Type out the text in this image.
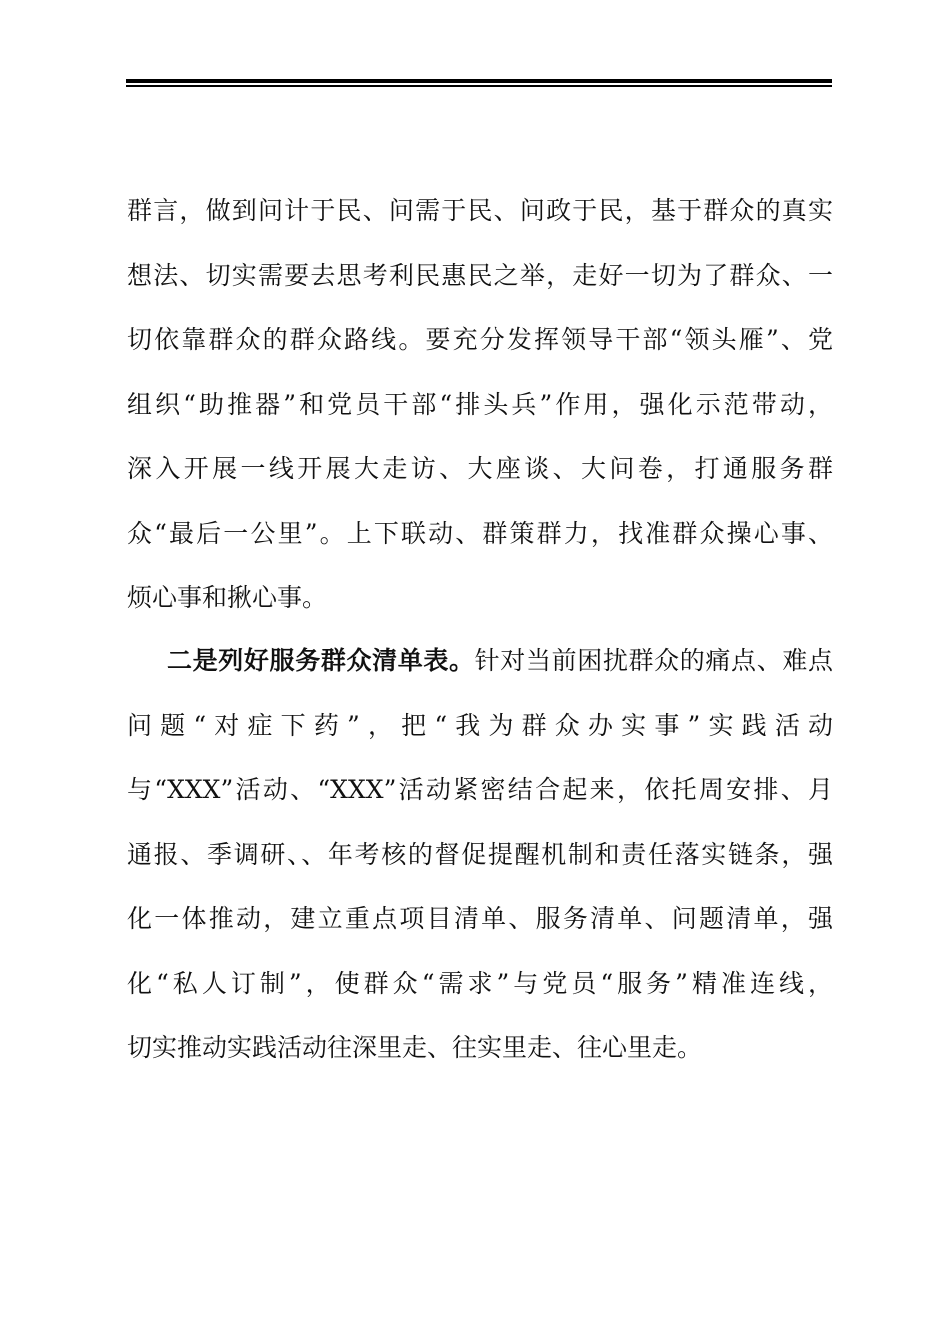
群言，做到问计于民、问需于民、问政于民，基于群众的真实
想法、切实需要去思考利民惠民之举，走好一切为了群众、一
切依靠群众的群众路线。要充分发挥领导干部“领头雁”、党
组织“助推器”和党员干部“排头兵”作用，强化示范带动，
深入开展一线开展大走访、大座谈、大问卷，打通服务群
众“最后一公里”。上下联动、群策群力，找准群众操心事、
烦心事和揪心事。
二是列好服务群众清单表。针对当前困扰群众的痛点、难点
问题“对症下药”，把“我为群众办实事”实践活动
与“XXX”活动、“XXX”活动紧密结合起来，依托周安排、月
通报、季调研、、年考核的督促提醒机制和责任落实链条，强
化一体推动，建立重点项目清单、服务清单、问题清单，强
化“私人订制”，使群众“需求”与党员“服务”精准连线，
切实推动实践活动往深里走、往实里走、往心里走。
